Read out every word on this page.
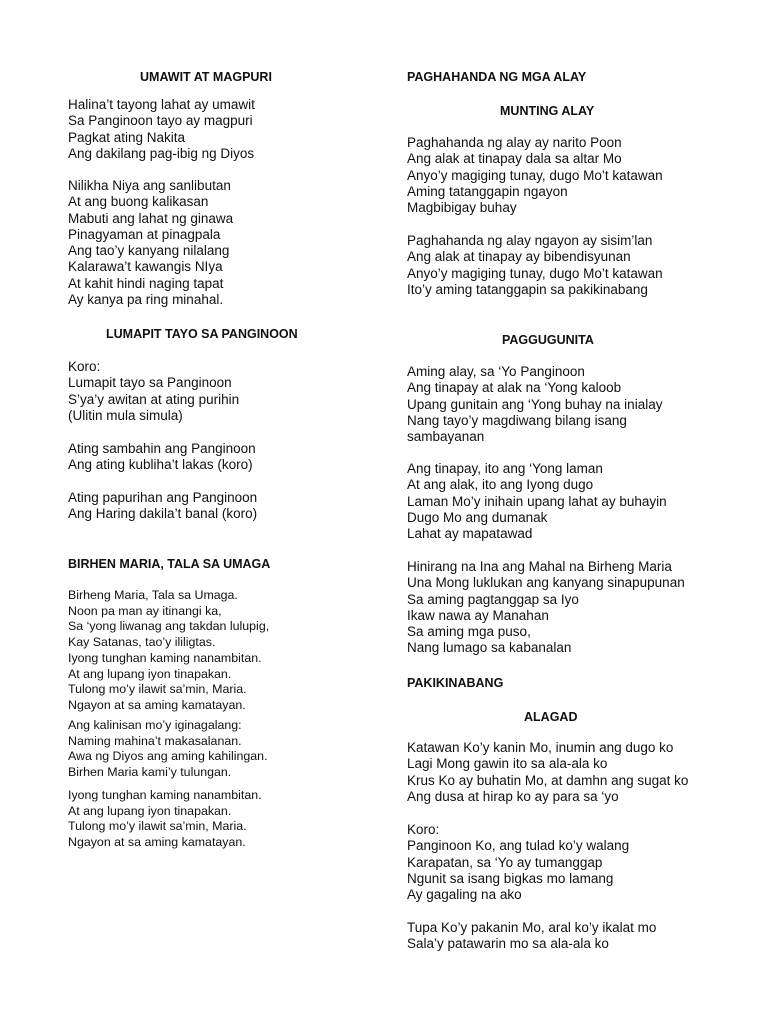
UMAWIT AT MAGPURI
Halina’t tayong lahat ay umawit
Sa Panginoon tayo ay magpuri
Pagkat ating Nakita
Ang dakilang pag-ibig ng Diyos
Nilikha Niya ang sanlibutan
At ang buong kalikasan
Mabuti ang lahat ng ginawa
Pinagyaman at pinagpala
Ang tao’y kanyang nilalang
Kalarawa’t kawangis NIya
At kahit hindi naging tapat
Ay kanya pa ring minahal.
LUMAPIT TAYO SA PANGINOON
Koro:
Lumapit tayo sa Panginoon
S’ya’y awitan at ating purihin
(Ulitin mula simula)
Ating sambahin ang Panginoon
Ang ating kubliha’t lakas (koro)
Ating papurihan ang Panginoon
Ang Haring dakila’t banal (koro)
BIRHEN MARIA, TALA SA UMAGA
Birheng Maria, Tala sa Umaga.
Noon pa man ay itinangi ka,
Sa ‘yong liwanag ang takdan lulupig,
Kay Satanas, tao’y ililigtas.
Iyong tunghan kaming nanambitan.
At ang lupang iyon tinapakan.
Tulong mo’y ilawit sa’min, Maria.
Ngayon at sa aming kamatayan.
Ang kalinisan mo’y iginagalang:
Naming mahina’t makasalanan.
Awa ng Diyos ang aming kahilingan.
Birhen Maria kami’y tulungan.
Iyong tunghan kaming nanambitan.
At ang lupang iyon tinapakan.
Tulong mo’y ilawit sa’min, Maria.
Ngayon at sa aming kamatayan.
PAGHAHANDA NG MGA ALAY
MUNTING ALAY
Paghahanda ng alay ay narito Poon
Ang alak at tinapay dala sa altar Mo
Anyo’y magiging tunay, dugo Mo’t katawan
Aming tatanggapin ngayon
Magbibigay buhay
Paghahanda ng alay ngayon ay sisim’lan
Ang alak at tinapay ay bibendisyunan
Anyo’y magiging tunay, dugo Mo’t katawan
Ito’y aming tatanggapin sa pakikinabang
PAGGUGUNITA
Aming alay, sa ‘Yo Panginoon
Ang tinapay at alak na ‘Yong kaloob
Upang gunitain ang ‘Yong buhay na inialay
Nang tayo’y magdiwang bilang isang
sambayanan
Ang tinapay, ito ang ‘Yong laman
At ang alak, ito ang Iyong dugo
Laman Mo’y inihain upang lahat ay buhayin
Dugo Mo ang dumanak
Lahat ay mapatawad
Hinirang na Ina ang Mahal na Birheng Maria
Una Mong luklukan ang kanyang sinapupunan
Sa aming pagtanggap sa Iyo
Ikaw nawa ay Manahan
Sa aming mga puso,
Nang lumago sa kabanalan
PAKIKINABANG
ALAGAD
Katawan Ko’y kanin Mo, inumin ang dugo ko
Lagi Mong gawin ito sa ala-ala ko
Krus Ko ay buhatin Mo, at damhn ang sugat ko
Ang dusa at hirap ko ay para sa ‘yo
Koro:
Panginoon Ko, ang tulad ko’y walang
Karapatan, sa ‘Yo ay tumanggap
Ngunit sa isang bigkas mo lamang
Ay gagaling na ako
Tupa Ko’y pakanin Mo, aral ko’y ikalat mo
Sala’y patawarin mo sa ala-ala ko
